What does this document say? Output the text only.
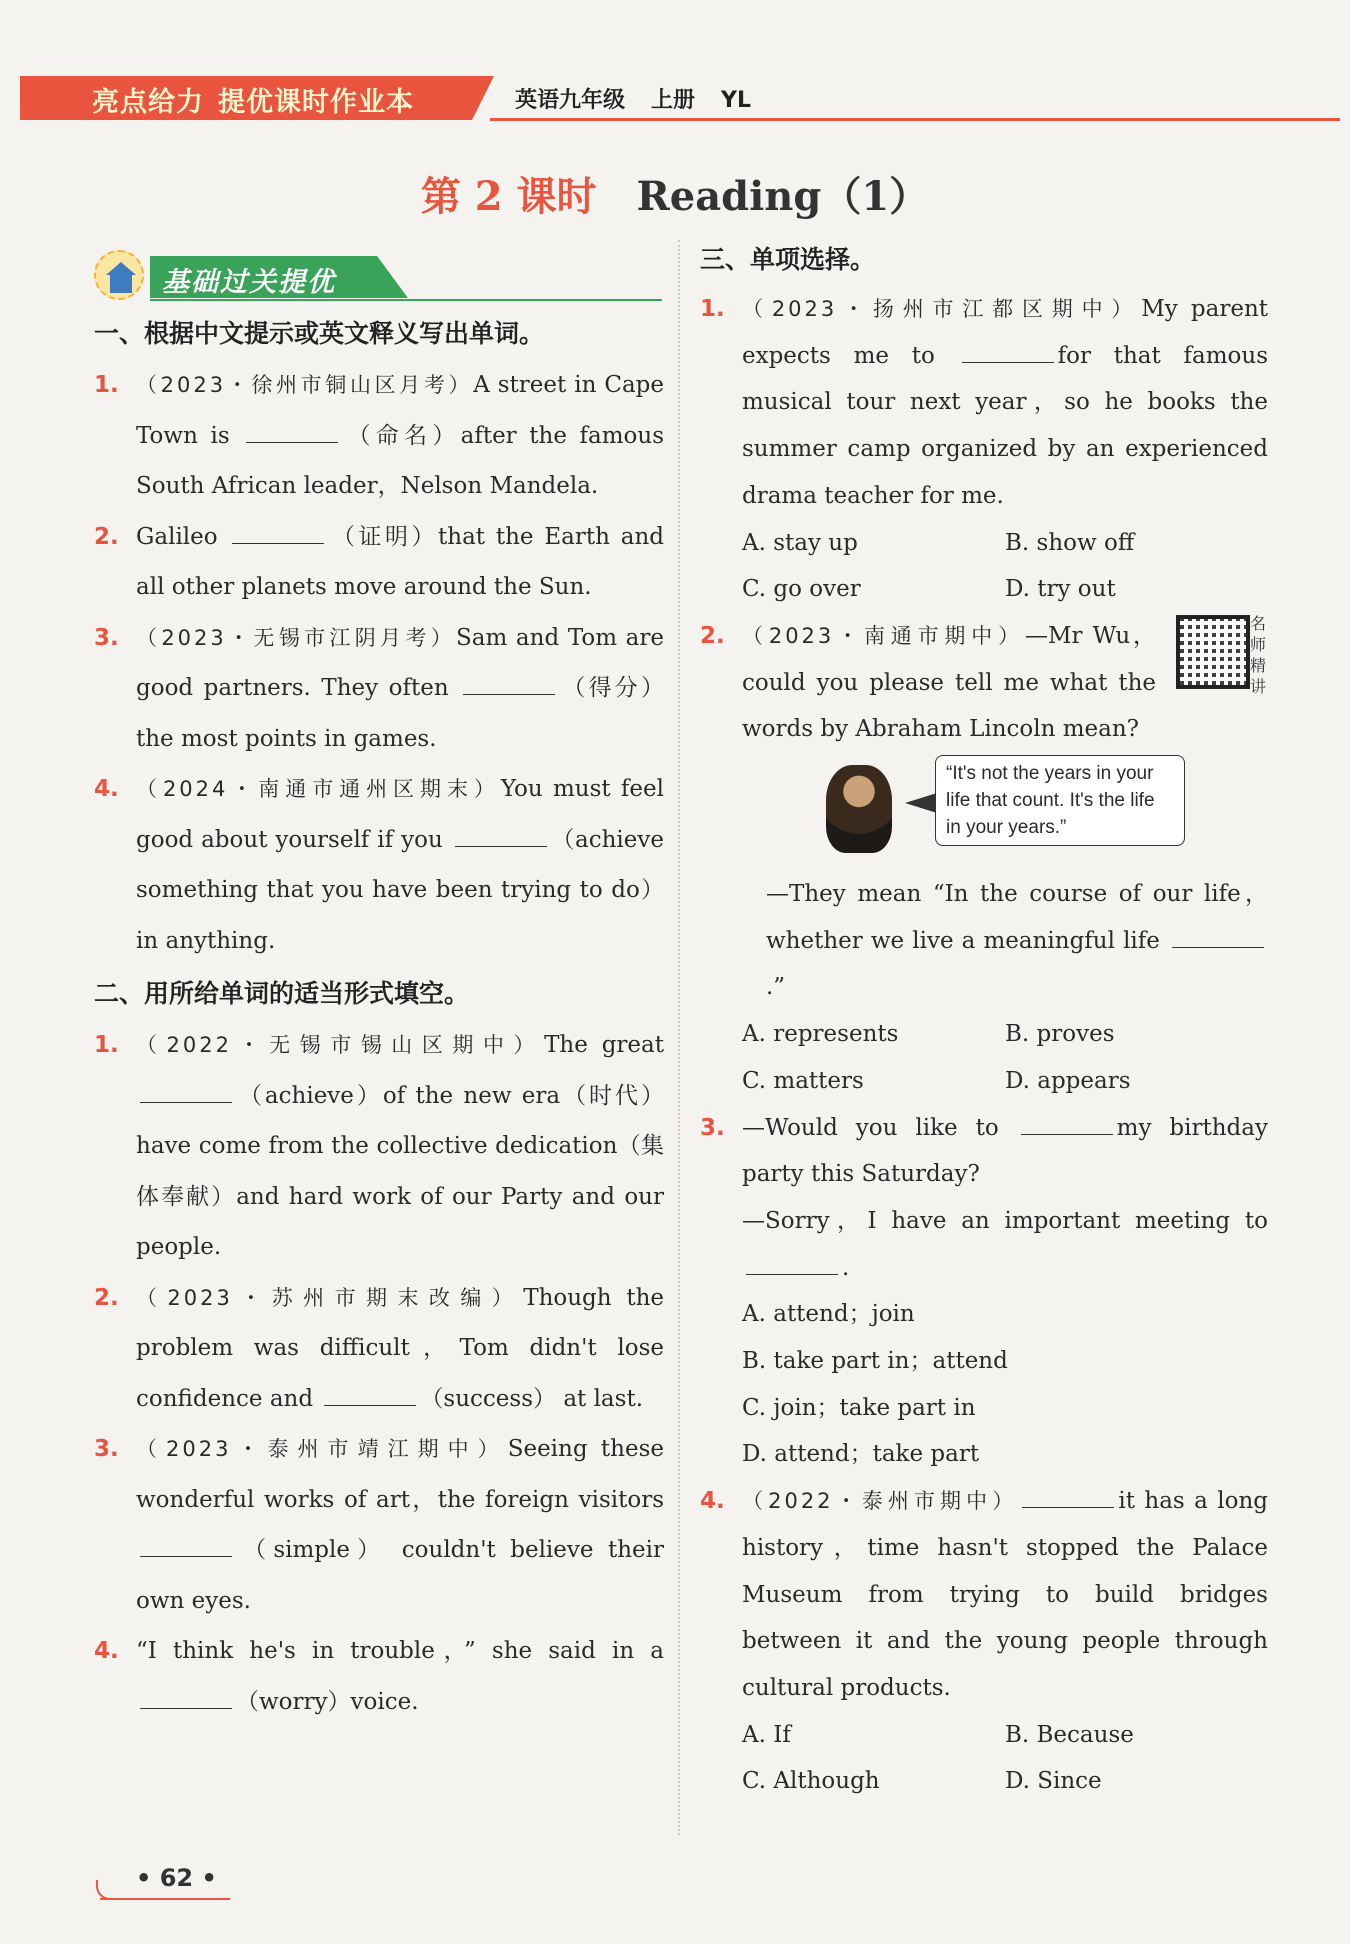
亮点给力 提优课时作业本	英语九年级 上册 YL
第 2 课时 Reading（1）
基础过关提优
一、根据中文提示或英文释义写出单词。
1. （2023・徐州市铜山区月考）A street in Cape Town is	（命名）after the famous South African leader，Nelson Mandela.
2. Galileo	（证明）that the Earth and all other planets move around the Sun.
3. （2023・无锡市江阴月考）Sam and Tom are good partners. They often	（得分）the most points in games.
4. （2024・南通市通州区期末）You must feel good about yourself if you	（achieve something that you have been trying to do）in anything.
二、用所给单词的适当形式填空。
1. （2022・无锡市锡山区期中）The great （achieve）of the new era（时代）have come from the collective dedication（集体奉献）and hard work of our Party and our people.
2. （2023・苏州市期末改编）Though the problem was difficult，Tom didn't lose confidence and	（success） at last.
3. （2023・泰州市靖江期中）Seeing these wonderful works of art，the foreign visitors （simple） couldn't believe their own eyes.
4. “I think he's in trouble，” she said in a （worry）voice.
三、单项选择。
1. （2023・扬州市江都区期中）My parent expects me to	for that famous musical tour next year，so he books the summer camp organized by an experienced drama teacher for me.
A. stay up	B. show off
C. go over	D. try out
2. （2023・南通市期中）—Mr Wu，could you please tell me what the words by Abraham Lincoln mean?
名师精讲
“It's not the years in your life that count. It's the life in your years.”
—They mean “In the course of our life，whether we live a meaningful life .”
A. represents	B. proves
C. matters	D. appears
3. —Would you like to	my birthday party this Saturday?
—Sorry，I have an important meeting to .
A. attend；join
B. take part in；attend
C. join；take part in
D. attend；take part
4. （2022・泰州市期中）	it has a long history，time hasn't stopped the Palace Museum from trying to build bridges between it and the young people through cultural products.
A. If	B. Because
C. Although	D. Since
• 62 •
